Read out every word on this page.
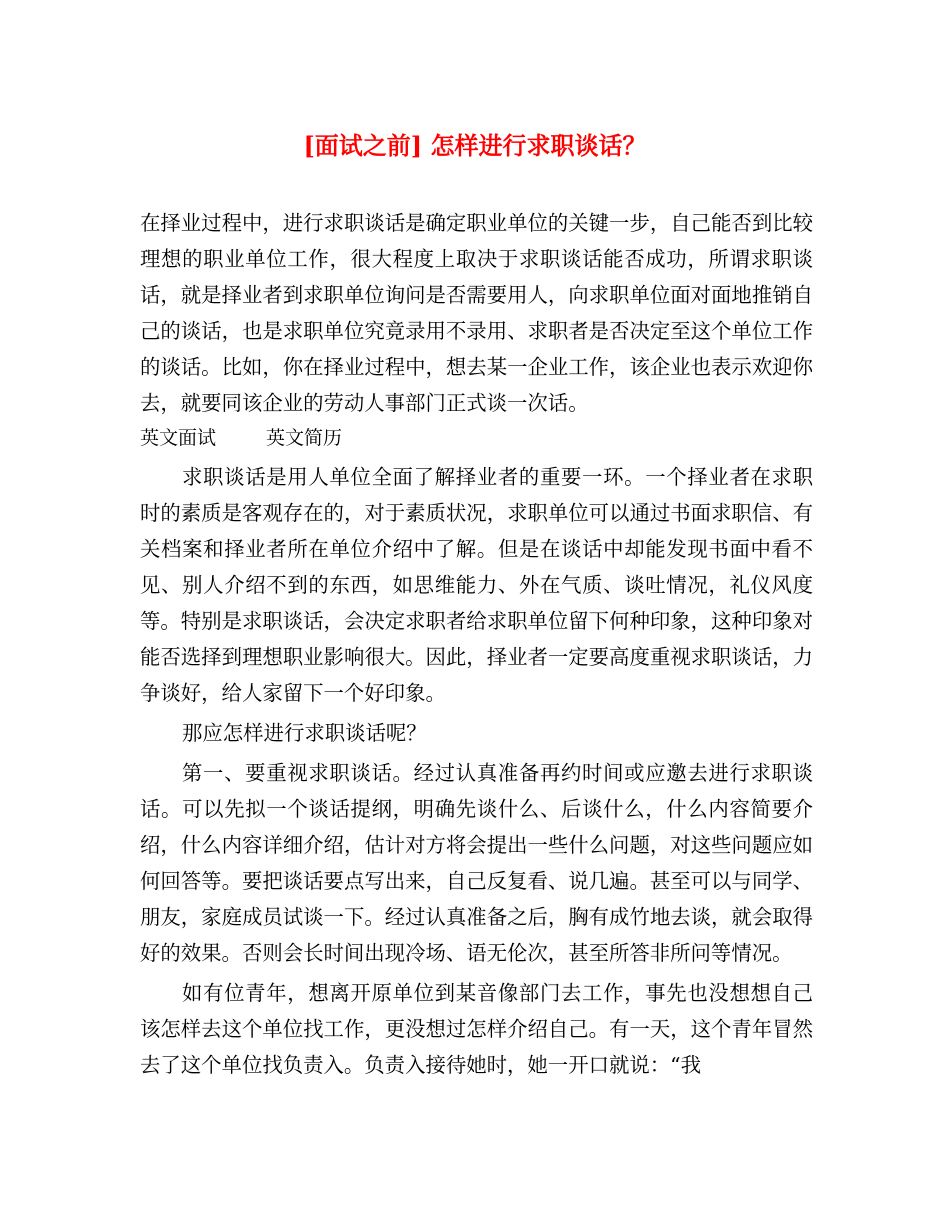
[面试之前] 怎样进行求职谈话？

在择业过程中，进行求职谈话是确定职业单位的关键一步，自己能否到比较理想的职业单位工作，很大程度上取决于求职谈话能否成功，所谓求职谈话，就是择业者到求职单位询问是否需要用人，向求职单位面对面地推销自己的谈话，也是求职单位究竟录用不录用、求职者是否决定至这个单位工作的谈话。比如，你在择业过程中，想去某一企业工作，该企业也表示欢迎你去，就要同该企业的劳动人事部门正式谈一次话。

英文面试	英文简历

求职谈话是用人单位全面了解择业者的重要一环。一个择业者在求职时的素质是客观存在的，对于素质状况，求职单位可以通过书面求职信、有关档案和择业者所在单位介绍中了解。但是在谈话中却能发现书面中看不见、别人介绍不到的东西，如思维能力、外在气质、谈吐情况，礼仪风度等。特别是求职谈话，会决定求职者给求职单位留下何种印象，这种印象对能否选择到理想职业影响很大。因此，择业者一定要高度重视求职谈话，力争谈好，给人家留下一个好印象。

那应怎样进行求职谈话呢？

第一、要重视求职谈话。经过认真准备再约时间或应邀去进行求职谈话。可以先拟一个谈话提纲，明确先谈什么、后谈什么，什么内容简要介绍，什么内容详细介绍，估计对方将会提出一些什么问题，对这些问题应如何回答等。要把谈话要点写出来，自己反复看、说几遍。甚至可以与同学、朋友，家庭成员试谈一下。经过认真准备之后，胸有成竹地去谈，就会取得好的效果。否则会长时间出现冷场、语无伦次，甚至所答非所问等情况。

如有位青年，想离开原单位到某音像部门去工作，事先也没想想自己该怎样去这个单位找工作，更没想过怎样介绍自己。有一天，这个青年冒然去了这个单位找负责入。负责入接待她时，她一开口就说：“我
